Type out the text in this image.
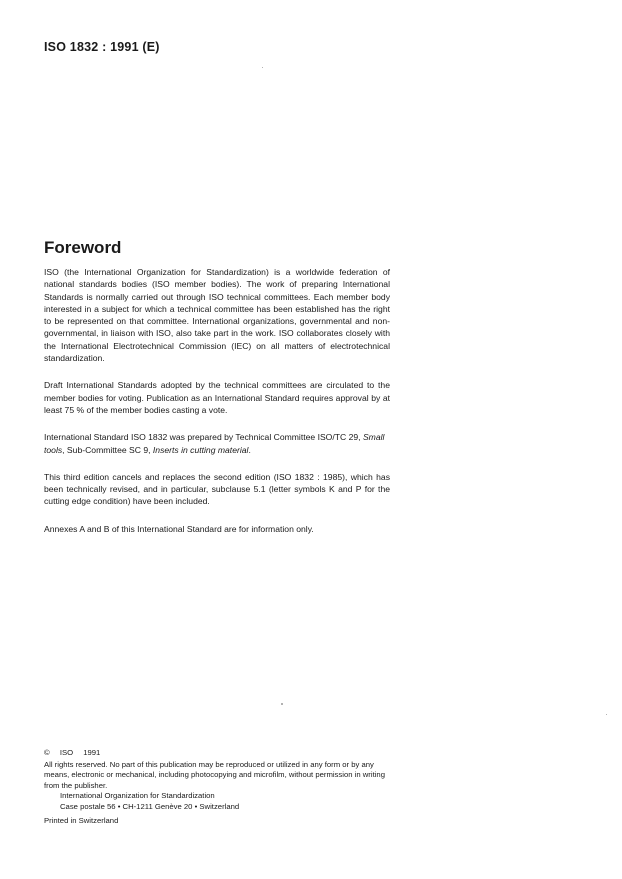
ISO 1832 : 1991 (E)
Foreword

ISO (the International Organization for Standardization) is a worldwide federation of national standards bodies (ISO member bodies). The work of preparing International Standards is normally carried out through ISO technical committees. Each member body interested in a subject for which a technical committee has been established has the right to be represented on that committee. International organizations, governmental and non-governmental, in liaison with ISO, also take part in the work. ISO collaborates closely with the International Electrotechnical Commission (IEC) on all matters of electrotechnical standardization.

Draft International Standards adopted by the technical committees are circulated to the member bodies for voting. Publication as an International Standard requires approval by at least 75 % of the member bodies casting a vote.

International Standard ISO 1832 was prepared by Technical Committee ISO/TC 29, Small tools, Sub-Committee SC 9, Inserts in cutting material.

This third edition cancels and replaces the second edition (ISO 1832 : 1985), which has been technically revised, and in particular, subclause 5.1 (letter symbols K and P for the cutting edge condition) have been included.

Annexes A and B of this International Standard are for information only.

© ISO 1991
All rights reserved. No part of this publication may be reproduced or utilized in any form or by any means, electronic or mechanical, including photocopying and microfilm, without permission in writing from the publisher.
International Organization for Standardization
Case postale 56 • CH-1211 Genève 20 • Switzerland
Printed in Switzerland
